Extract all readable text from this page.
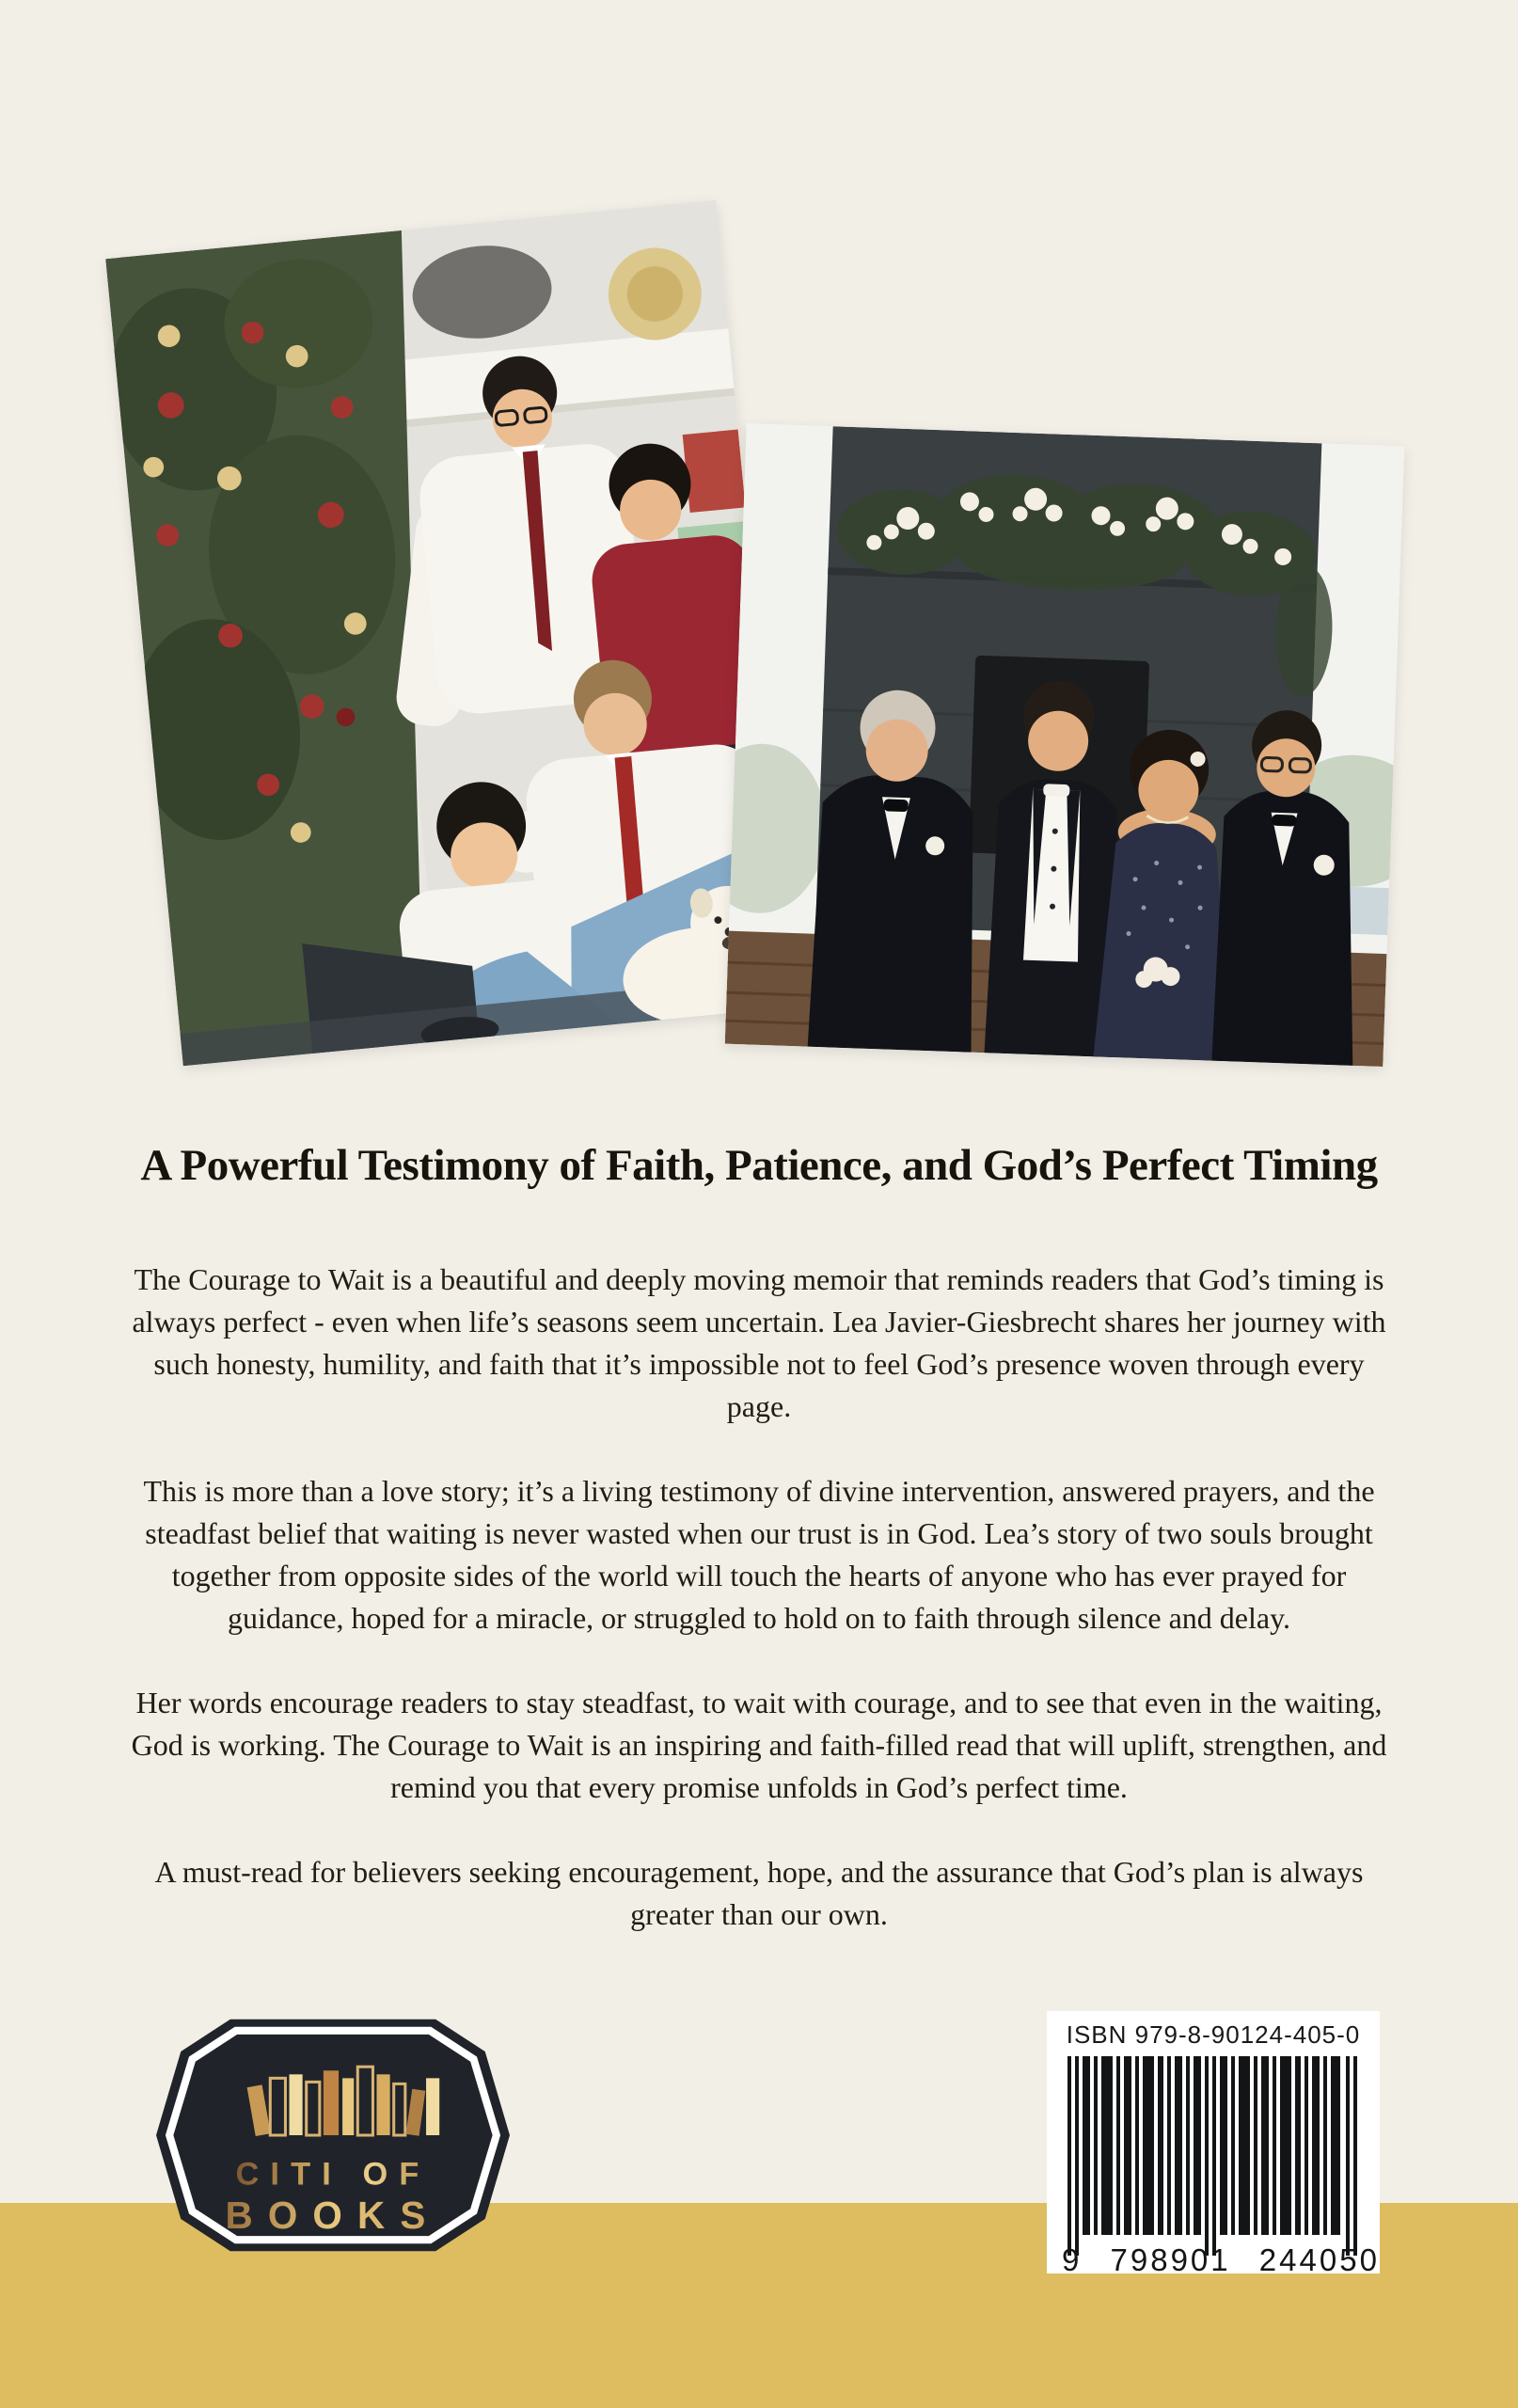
A Powerful Testimony of Faith, Patience, and God’s Perfect Timing

The Courage to Wait is a beautiful and deeply moving memoir that reminds readers that God’s timing is always perfect - even when life’s seasons seem uncertain. Lea Javier-Giesbrecht shares her journey with such honesty, humility, and faith that it’s impossible not to feel God’s presence woven through every page.

This is more than a love story; it’s a living testimony of divine intervention, answered prayers, and the steadfast belief that waiting is never wasted when our trust is in God. Lea’s story of two souls brought together from opposite sides of the world will touch the hearts of anyone who has ever prayed for guidance, hoped for a miracle, or struggled to hold on to faith through silence and delay.

Her words encourage readers to stay steadfast, to wait with courage, and to see that even in the waiting, God is working. The Courage to Wait is an inspiring and faith-filled read that will uplift, strengthen, and remind you that every promise unfolds in God’s perfect time.

A must-read for believers seeking encouragement, hope, and the assurance that God’s plan is always greater than our own.

CITI OF
BOOKS
ISBN 979-8-90124-405-0
9 798901 244050
